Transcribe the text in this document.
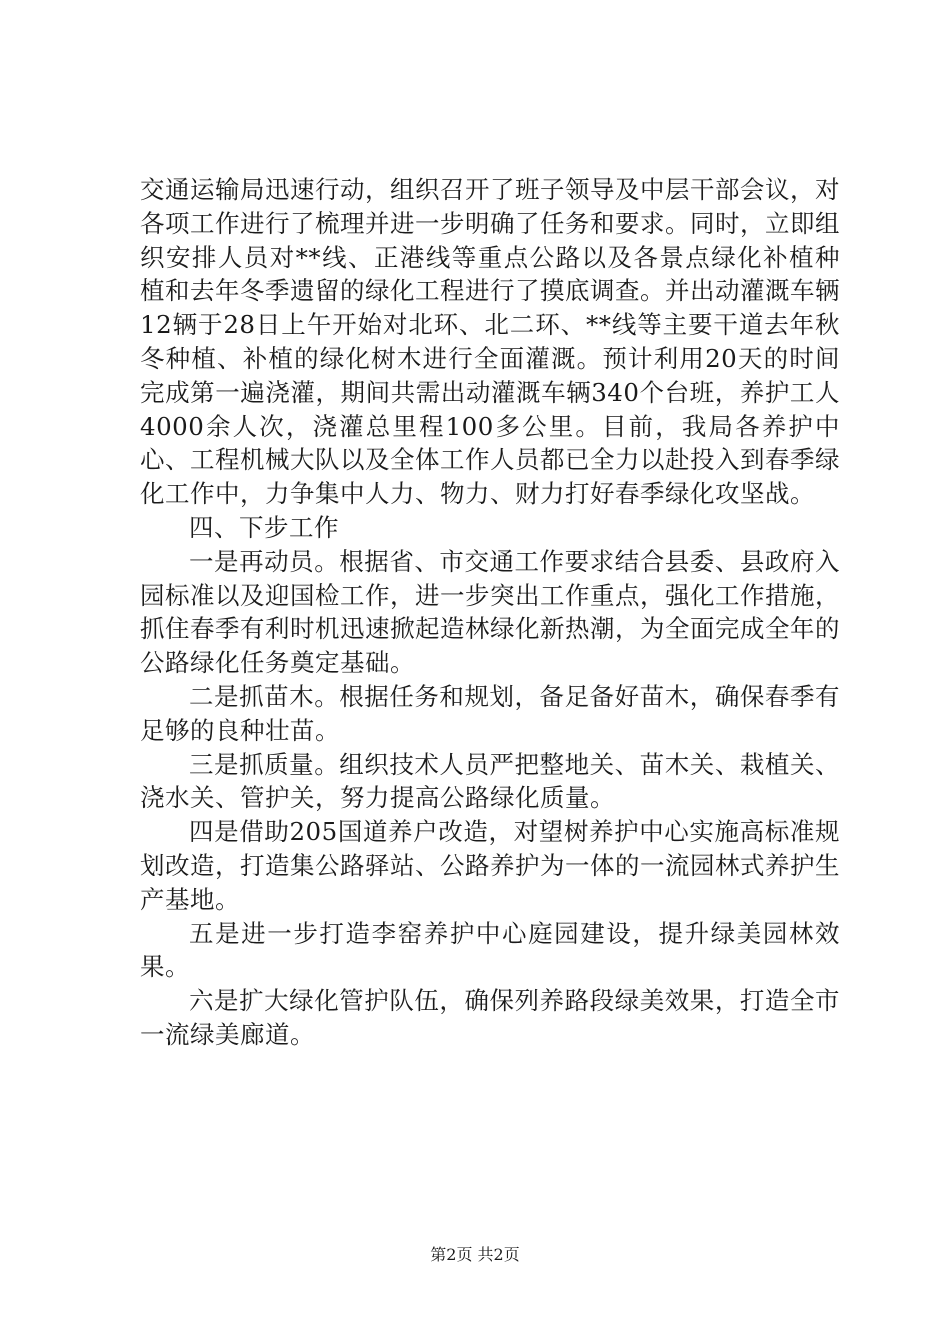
交通运输局迅速行动，组织召开了班子领导及中层干部会议，对各项工作进行了梳理并进一步明确了任务和要求。同时，立即组织安排人员对**线、正港线等重点公路以及各景点绿化补植种植和去年冬季遗留的绿化工程进行了摸底调查。并出动灌溉车辆12辆于28日上午开始对北环、北二环、**线等主要干道去年秋冬种植、补植的绿化树木进行全面灌溉。预计利用20天的时间完成第一遍浇灌，期间共需出动灌溉车辆340个台班，养护工人4000余人次，浇灌总里程100多公里。目前，我局各养护中心、工程机械大队以及全体工作人员都已全力以赴投入到春季绿化工作中，力争集中人力、物力、财力打好春季绿化攻坚战。

四、下步工作

一是再动员。根据省、市交通工作要求结合县委、县政府入园标准以及迎国检工作，进一步突出工作重点，强化工作措施，抓住春季有利时机迅速掀起造林绿化新热潮，为全面完成全年的公路绿化任务奠定基础。

二是抓苗木。根据任务和规划，备足备好苗木，确保春季有足够的良种壮苗。

三是抓质量。组织技术人员严把整地关、苗木关、栽植关、浇水关、管护关，努力提高公路绿化质量。

四是借助205国道养户改造，对望树养护中心实施高标准规划改造，打造集公路驿站、公路养护为一体的一流园林式养护生产基地。

五是进一步打造李窑养护中心庭园建设，提升绿美园林效果。

六是扩大绿化管护队伍，确保列养路段绿美效果，打造全市一流绿美廊道。

第2页 共2页
